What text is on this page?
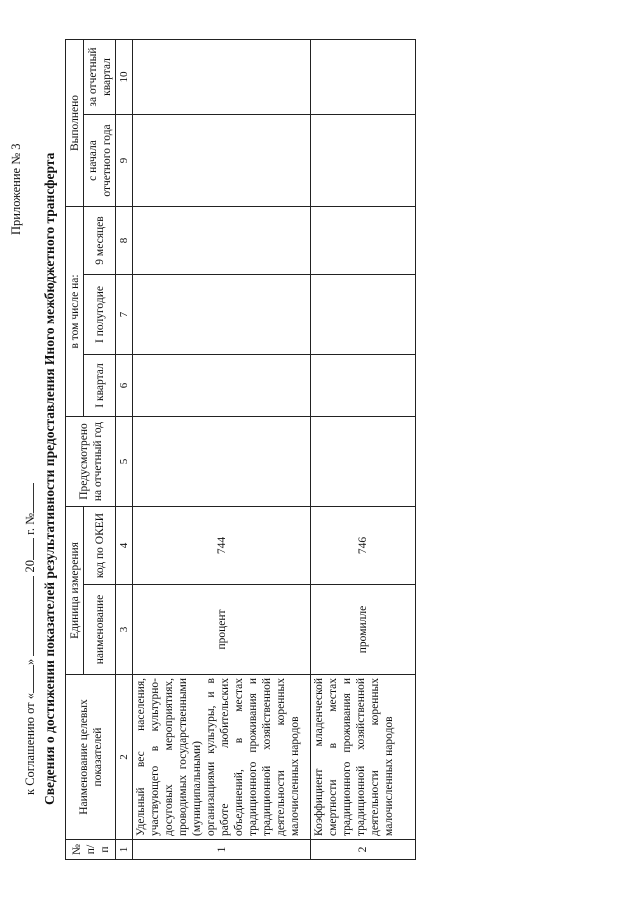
Приложение № 3
к Соглашению от «»  20 г. № Сведения о достижении показателей результативности предоставления Иного межбюджетного трансферта
№ п/п	Наименование целевых показателей	Единица измерения		Предусмотрено на отчетный год	в том числе на:			Выполнено	
		наименование	код по ОКЕИ		I квартал	I полугодие	9 месяцев	с начала отчетного года	за отчетный квартал

1	2	3	4	5	6	7	8	9	10
1	Удельный вес населения, участвующего в культурно-досуговых мероприятиях, проводимых государственными (муниципальными) организациями культуры, и в работе любительских объединений, в местах традиционного проживания и традиционной хозяйственной деятельности коренных малочисленных народов	процент	744						
2	Коэффициент младенческой смертности в местах традиционного проживания и традиционной хозяйственной деятельности коренных малочисленных народов	промилле	746						
